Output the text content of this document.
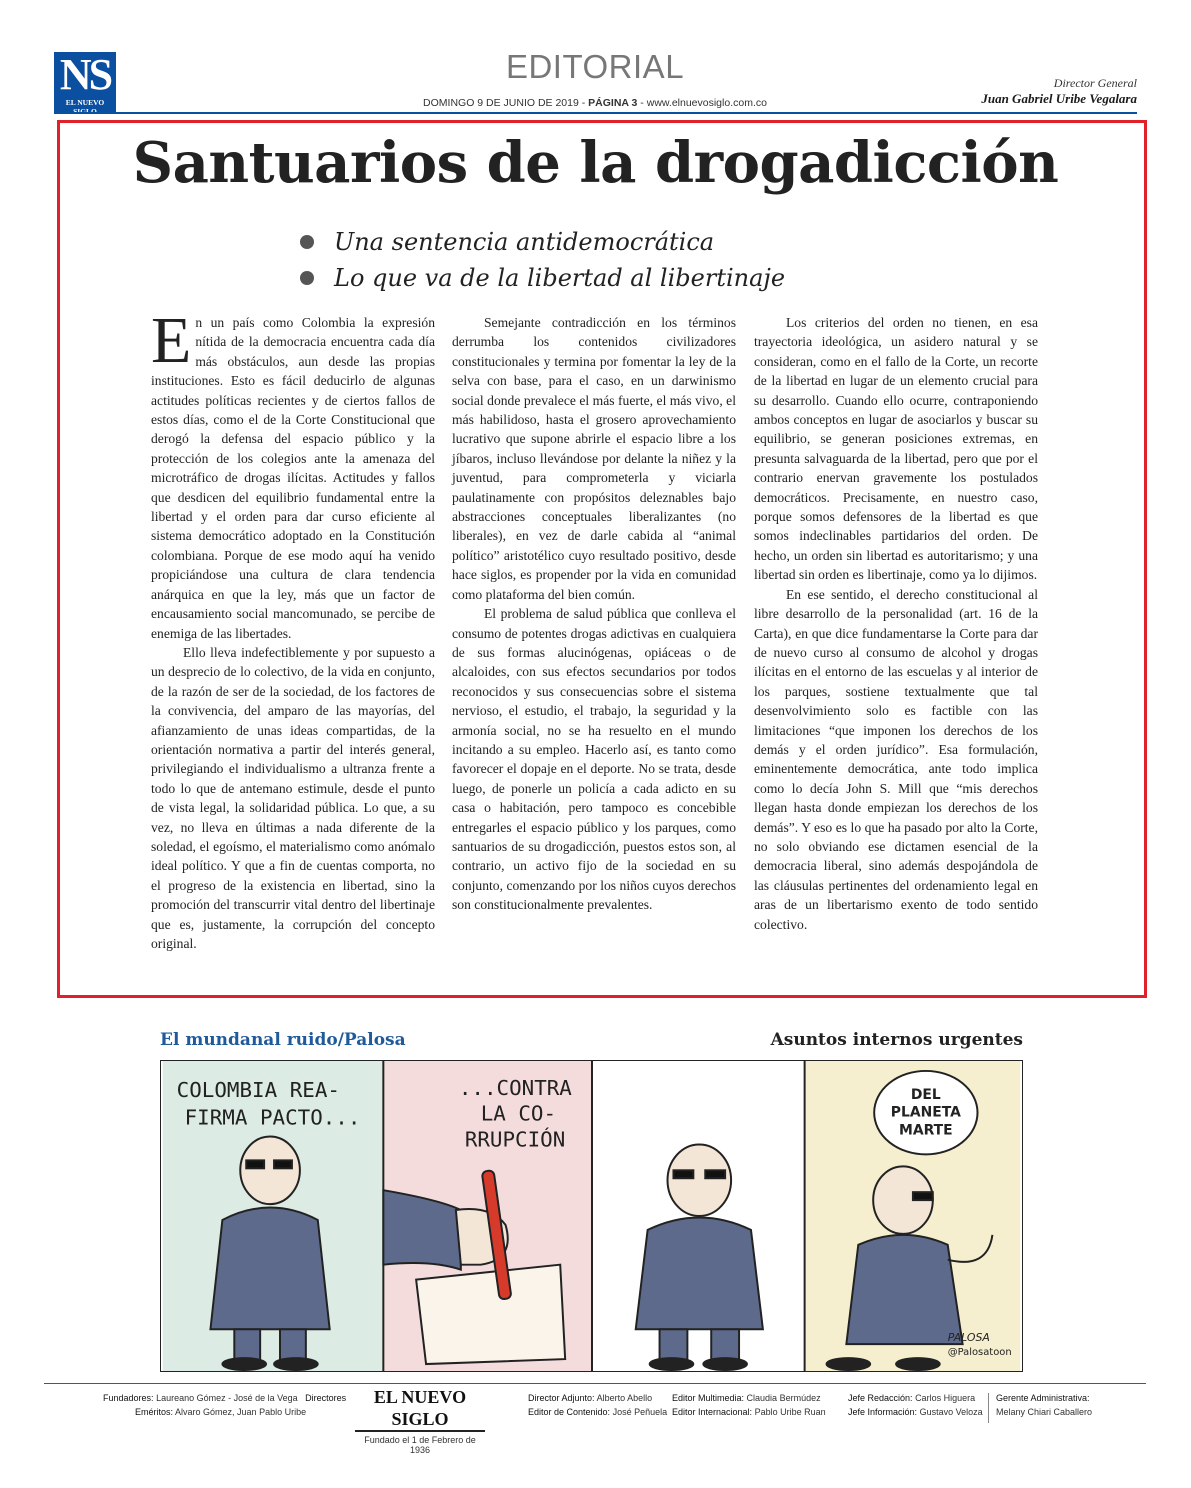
NS
EL NUEVO
EDITORIAL
DOMINGO 9 DE JUNIO DE 2019 - PÁGINA 3 - www.elnuevosiglo.com.co
Director General
Juan Gabriel Uribe Vegalara
Santuarios de la drogadicción
Una sentencia antidemocrática
Lo que va de la libertad al libertinaje

En un país como Colombia la expresión nítida de la democracia encuentra cada día más obstáculos, aun desde las propias instituciones. Esto es fácil deducirlo de algunas actitudes políticas recientes y de ciertos fallos de estos días, como el de la Corte Constitucional que derogó la defensa del espacio público y la protección de los colegios ante la amenaza del microtráfico de drogas ilícitas. Actitudes y fallos que desdicen del equilibrio fundamental entre la libertad y el orden para dar curso eficiente al sistema democrático adoptado en la Constitución colombiana. Porque de ese modo aquí ha venido propiciándose una cultura de clara tendencia anárquica en que la ley, más que un factor de encausamiento social mancomunado, se percibe de enemiga de las libertades.

Ello lleva indefectiblemente y por supuesto a un desprecio de lo colectivo, de la vida en conjunto, de la razón de ser de la sociedad, de los factores de la convivencia, del amparo de las mayorías, del afianzamiento de unas ideas compartidas, de la orientación normativa a partir del interés general, privilegiando el individualismo a ultranza frente a todo lo que de antemano estimule, desde el punto de vista legal, la solidaridad pública. Lo que, a su vez, no lleva en últimas a nada diferente de la soledad, el egoísmo, el materialismo como anómalo ideal político. Y que a fin de cuentas comporta, no el progreso de la existencia en libertad, sino la promoción del transcurrir vital dentro del libertinaje que es, justamente, la corrupción del concepto original.

Semejante contradicción en los términos derrumba los contenidos civilizadores constitucionales y termina por fomentar la ley de la selva con base, para el caso, en un darwinismo social donde prevalece el más fuerte, el más vivo, el más habilidoso, hasta el grosero aprovechamiento lucrativo que supone abrirle el espacio libre a los jíbaros, incluso llevándose por delante la niñez y la juventud, para comprometerla y viciarla paulatinamente con propósitos deleznables bajo abstracciones conceptuales liberalizantes (no liberales), en vez de darle cabida al “animal político” aristotélico cuyo resultado positivo, desde hace siglos, es propender por la vida en comunidad como plataforma del bien común.

El problema de salud pública que conlleva el consumo de potentes drogas adictivas en cualquiera de sus formas alucinógenas, opiáceas o de alcaloides, con sus efectos secundarios por todos reconocidos y sus consecuencias sobre el sistema nervioso, el estudio, el trabajo, la seguridad y la armonía social, no se ha resuelto en el mundo incitando a su empleo. Hacerlo así, es tanto como favorecer el dopaje en el deporte. No se trata, desde luego, de ponerle un policía a cada adicto en su casa o habitación, pero tampoco es concebible entregarles el espacio público y los parques, como santuarios de su drogadicción, puestos estos son, al contrario, un activo fijo de la sociedad en su conjunto, comenzando por los niños cuyos derechos son constitucionalmente prevalentes.

Los criterios del orden no tienen, en esa trayectoria ideológica, un asidero natural y se consideran, como en el fallo de la Corte, un recorte de la libertad en lugar de un elemento crucial para su desarrollo. Cuando ello ocurre, contraponiendo ambos conceptos en lugar de asociarlos y buscar su equilibrio, se generan posiciones extremas, en presunta salvaguarda de la libertad, pero que por el contrario enervan gravemente los postulados democráticos. Precisamente, en nuestro caso, porque somos defensores de la libertad es que somos indeclinables partidarios del orden. De hecho, un orden sin libertad es autoritarismo; y una libertad sin orden es libertinaje, como ya lo dijimos.

En ese sentido, el derecho constitucional al libre desarrollo de la personalidad (art. 16 de la Carta), en que dice fundamentarse la Corte para dar de nuevo curso al consumo de alcohol y drogas ilícitas en el entorno de las escuelas y al interior de los parques, sostiene textualmente que tal desenvolvimiento solo es factible con las limitaciones “que imponen los derechos de los demás y el orden jurídico”. Esa formulación, eminentemente democrática, ante todo implica como lo decía John S. Mill que “mis derechos llegan hasta donde empiezan los derechos de los demás”. Y eso es lo que ha pasado por alto la Corte, no solo obviando ese dictamen esencial de la democracia liberal, sino además despojándola de las cláusulas pertinentes del ordenamiento legal en aras de un libertarismo exento de todo sentido colectivo.

El mundanal ruido/Palosa	Asuntos internos urgentes
COLOMBIA REA-
FIRMA PACTO...
...CONTRA
LA CO-
RRUPCIÓN
DEL
PLANETA
MARTE
PALOSA
@Palosatoon
Fundadores: Laureano Gómez - José de la Vega Directores
Eméritos: Alvaro Gómez, Juan Pablo Uribe
EL NUEVO SIGLO
Fundado el 1 de Febrero de 1936
Director Adjunto: Alberto Abello
Editor de Contenido: José Peñuela
Editor Multimedia: Claudia Bermúdez
Editor Internacional: Pablo Uribe Ruan
Jefe Redacción: Carlos Higuera
Jefe Información: Gustavo Veloza
Gerente Administrativa:
Melany Chiari Caballero
